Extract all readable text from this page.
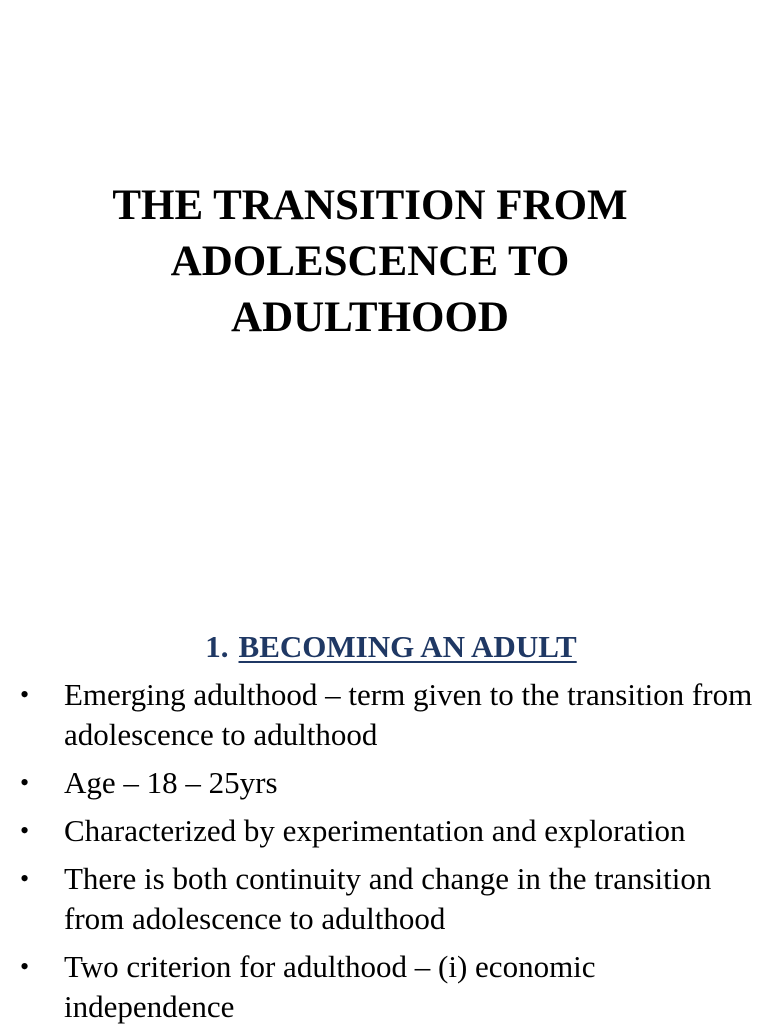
THE TRANSITION FROM
ADOLESCENCE TO
ADULTHOOD
1. BECOMING AN ADULT
• Emerging adulthood – term given to the transition from adolescence to adulthood
• Age – 18 – 25yrs
• Characterized by experimentation and exploration
• There is both continuity and change in the transition from adolescence to adulthood
• Two criterion for adulthood – (i) economic independence
